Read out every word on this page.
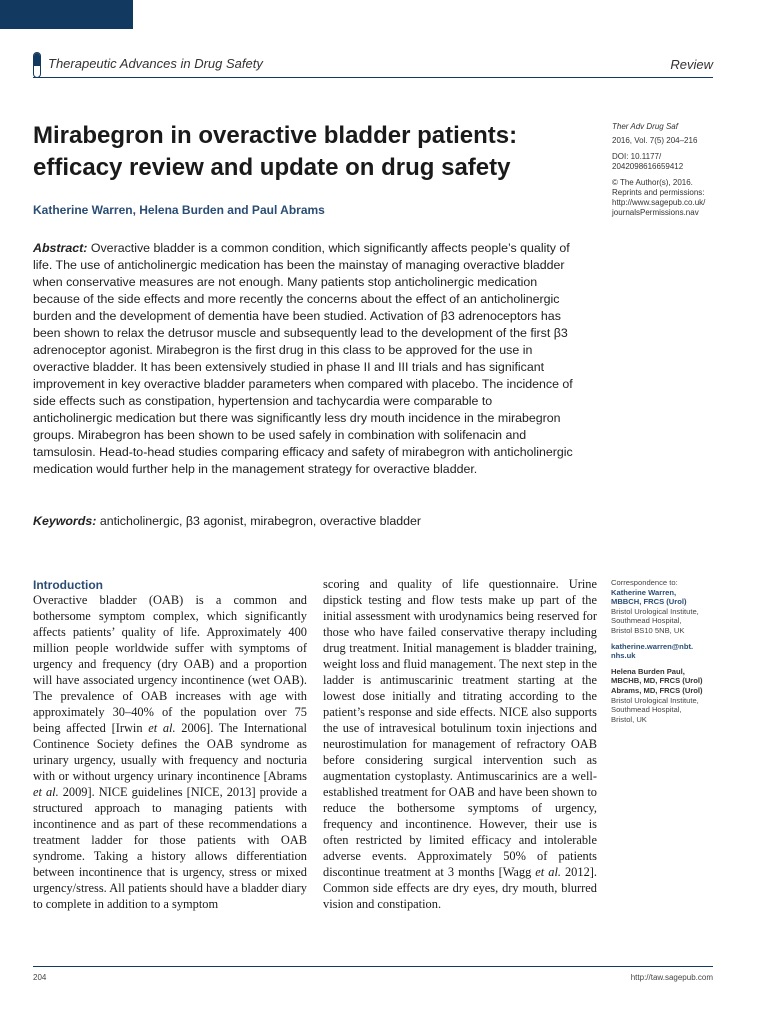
Therapeutic Advances in Drug Safety	Review
Mirabegron in overactive bladder patients:
efficacy review and update on drug safety
Katherine Warren, Helena Burden and Paul Abrams
Ther Adv Drug Saf
2016, Vol. 7(5) 204–216
DOI: 10.1177/
2042098616659412
© The Author(s), 2016.
Reprints and permissions:
http://www.sagepub.co.uk/
journalsPermissions.nav

Abstract: Overactive bladder is a common condition, which significantly affects people’s quality of life. The use of anticholinergic medication has been the mainstay of managing overactive bladder when conservative measures are not enough. Many patients stop anticholinergic medication because of the side effects and more recently the concerns about the effect of an anticholinergic burden and the development of dementia have been studied. Activation of β3 adrenoceptors has been shown to relax the detrusor muscle and subsequently lead to the development of the first β3 adrenoceptor agonist. Mirabegron is the first drug in this class to be approved for the use in overactive bladder. It has been extensively studied in phase II and III trials and has significant improvement in key overactive bladder parameters when compared with placebo. The incidence of side effects such as constipation, hypertension and tachycardia were comparable to anticholinergic medication but there was significantly less dry mouth incidence in the mirabegron groups. Mirabegron has been shown to be used safely in combination with solifenacin and tamsulosin. Head-to-head studies comparing efficacy and safety of mirabegron with anticholinergic medication would further help in the management strategy for overactive bladder.

Keywords: anticholinergic, β3 agonist, mirabegron, overactive bladder
Introduction

Overactive bladder (OAB) is a common and bothersome symptom complex, which significantly affects patients’ quality of life. Approximately 400 million people worldwide suffer with symptoms of urgency and frequency (dry OAB) and a proportion will have associated urgency incontinence (wet OAB). The prevalence of OAB increases with age with approximately 30–40% of the population over 75 being affected [Irwin et al. 2006]. The International Continence Society defines the OAB syndrome as urinary urgency, usually with frequency and nocturia with or without urgency urinary incontinence [Abrams et al. 2009]. NICE guidelines [NICE, 2013] provide a structured approach to managing patients with incontinence and as part of these recommendations a treatment ladder for those patients with OAB syndrome. Taking a history allows differentiation between incontinence that is urgency, stress or mixed urgency/stress. All patients should have a bladder diary to complete in addition to a symptom

scoring and quality of life questionnaire. Urine dipstick testing and flow tests make up part of the initial assessment with urodynamics being reserved for those who have failed conservative therapy including drug treatment. Initial management is bladder training, weight loss and fluid management. The next step in the ladder is antimuscarinic treatment starting at the lowest dose initially and titrating according to the patient’s response and side effects. NICE also supports the use of intravesical botulinum toxin injections and neurostimulation for management of refractory OAB before considering surgical intervention such as augmentation cystoplasty. Antimuscarinics are a well-established treatment for OAB and have been shown to reduce the bothersome symptoms of urgency, frequency and incontinence. However, their use is often restricted by limited efficacy and intolerable adverse events. Approximately 50% of patients discontinue treatment at 3 months [Wagg et al. 2012]. Common side effects are dry eyes, dry mouth, blurred vision and constipation.

Correspondence to:
Katherine Warren,
MBBCH, FRCS (Urol)
Bristol Urological Institute,
Southmead Hospital,
Bristol BS10 5NB, UK
katherine.warren@nbt.
nhs.uk
Helena Burden Paul,
MBCHB, MD, FRCS (Urol)
Abrams, MD, FRCS (Urol)
Bristol Urological Institute,
Southmead Hospital,
Bristol, UK
204	http://taw.sagepub.com
